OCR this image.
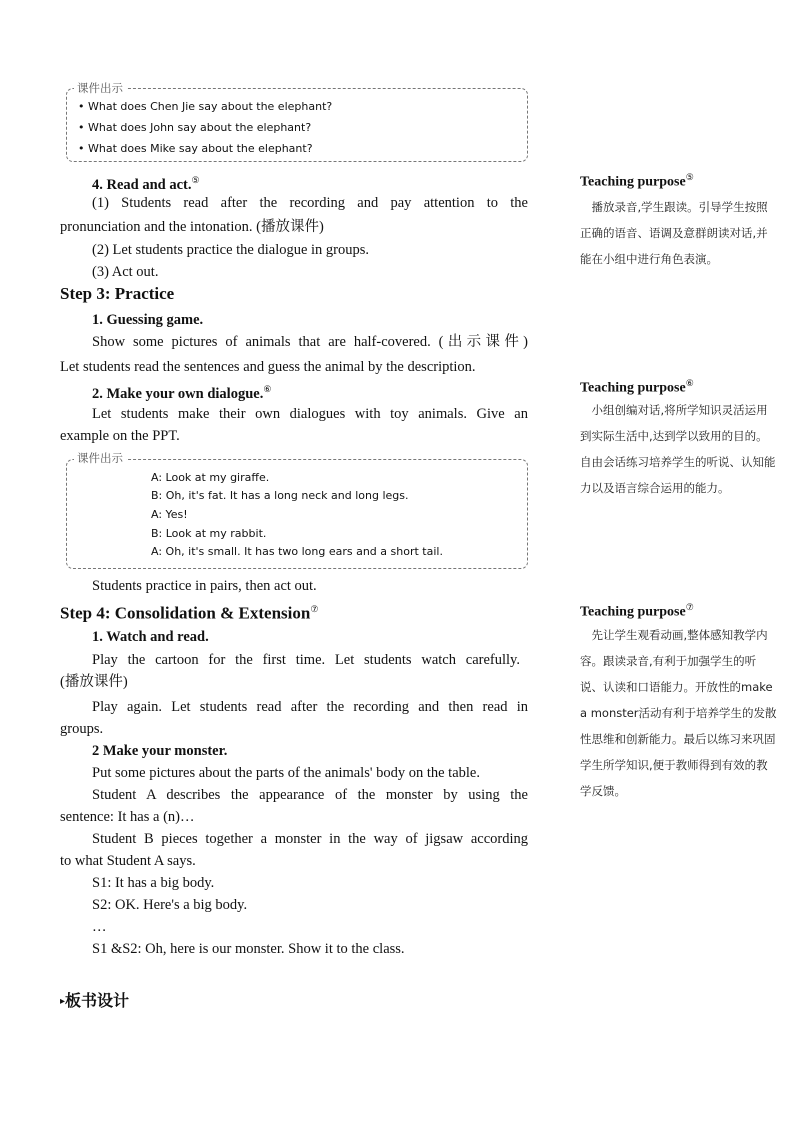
课件出示
• What does Chen Jie say about the elephant?
• What does John say about the elephant?
• What does Mike say about the elephant?
4. Read and act.⑤
(1) Students read after the recording and pay attention to the
pronunciation and the intonation. (播放课件)
(2) Let students practice the dialogue in groups.
(3) Act out.
Step 3: Practice
1. Guessing game.
Show some pictures of animals that are half-covered. (出示课件)
Let students read the sentences and guess the animal by the description.
2. Make your own dialogue.⑥
Let students make their own dialogues with toy animals. Give an
example on the PPT.
课件出示
A: Look at my giraffe.
B: Oh, it's fat. It has a long neck and long legs.
A: Yes!
B: Look at my rabbit.
A: Oh, it's small. It has two long ears and a short tail.
Students practice in pairs, then act out.
Step 4: Consolidation & Extension⑦
1. Watch and read.
Play the cartoon for the first time. Let students watch carefully.
(播放课件)
Play again. Let students read after the recording and then read in
groups.
2 Make your monster.
Put some pictures about the parts of the animals' body on the table.
Student A describes the appearance of the monster by using the
sentence: It has a (n)…
Student B pieces together a monster in the way of jigsaw according
to what Student A says.
S1: It has a big body.
S2: OK. Here's a big body.
…
S1 &S2: Oh, here is our monster. Show it to the class.
▸板书设计
Teaching purpose⑤
　播放录音,学生跟读。引导学生按照正确的语音、语调及意群朗读对话,并能在小组中进行角色表演。
Teaching purpose⑥
　小组创编对话,将所学知识灵活运用到实际生活中,达到学以致用的目的。自由会话练习培养学生的听说、认知能力以及语言综合运用的能力。
Teaching purpose⑦
　先让学生观看动画,整体感知教学内容。跟读录音,有利于加强学生的听说、认读和口语能力。开放性的make a monster活动有利于培养学生的发散性思维和创新能力。最后以练习来巩固学生所学知识,便于教师得到有效的教学反馈。
